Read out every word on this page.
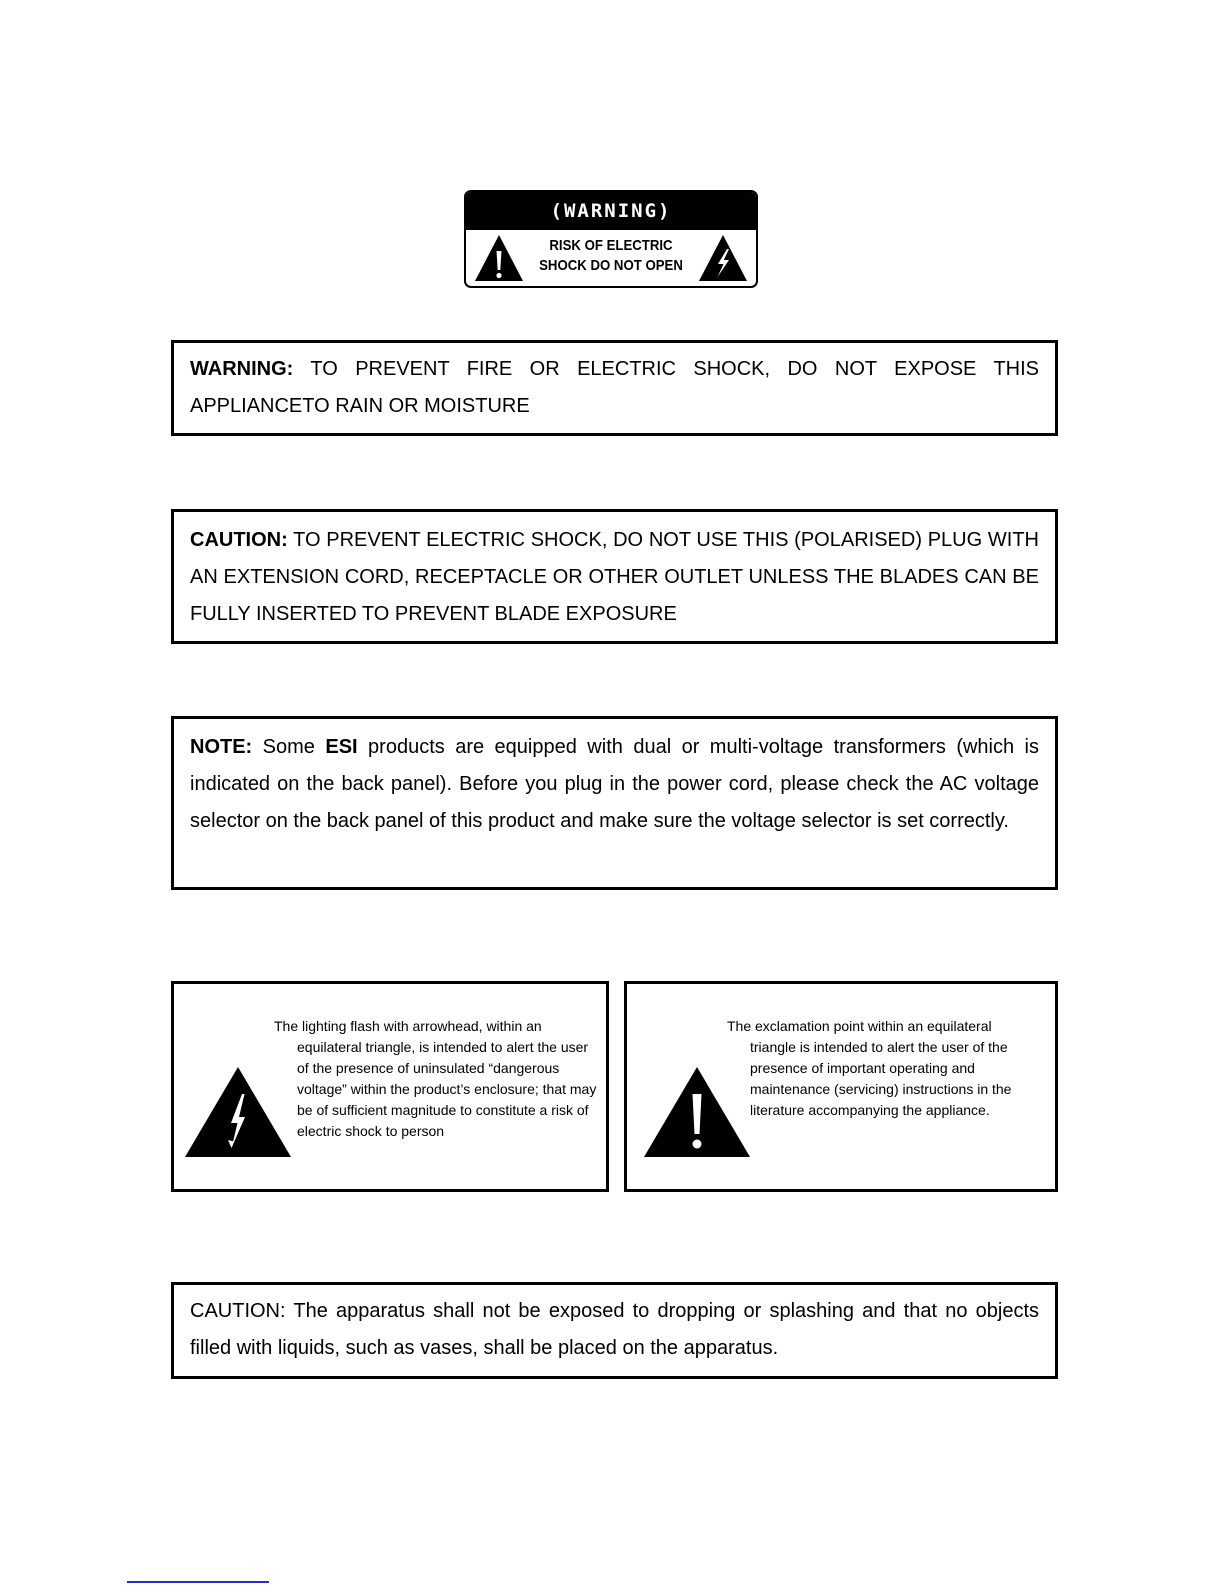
(WARNING)
RISK OF ELECTRIC
SHOCK DO NOT OPEN
WARNING: TO PREVENT FIRE OR ELECTRIC SHOCK, DO NOT EXPOSE THIS APPLIANCETO RAIN OR MOISTURE
CAUTION: TO PREVENT ELECTRIC SHOCK, DO NOT USE THIS (POLARISED) PLUG WITH AN EXTENSION CORD, RECEPTACLE OR OTHER OUTLET UNLESS THE BLADES CAN BE FULLY INSERTED TO PREVENT BLADE EXPOSURE
NOTE: Some ESI products are equipped with dual or multi-voltage transformers (which is indicated on the back panel). Before you plug in the power cord, please check the AC voltage selector on the back panel of this product and make sure the voltage selector is set correctly.
The lighting flash with arrowhead, within an
equilateral triangle, is intended to alert the user of the presence of uninsulated “dangerous voltage” within the product’s enclosure; that may be of sufficient magnitude to constitute a risk of electric shock to person
The exclamation point within an equilateral
triangle is intended to alert the user of the presence of important operating and maintenance (servicing) instructions in the literature accompanying the appliance.
CAUTION: The apparatus shall not be exposed to dropping or splashing and that no objects filled with liquids, such as vases, shall be placed on the apparatus.
